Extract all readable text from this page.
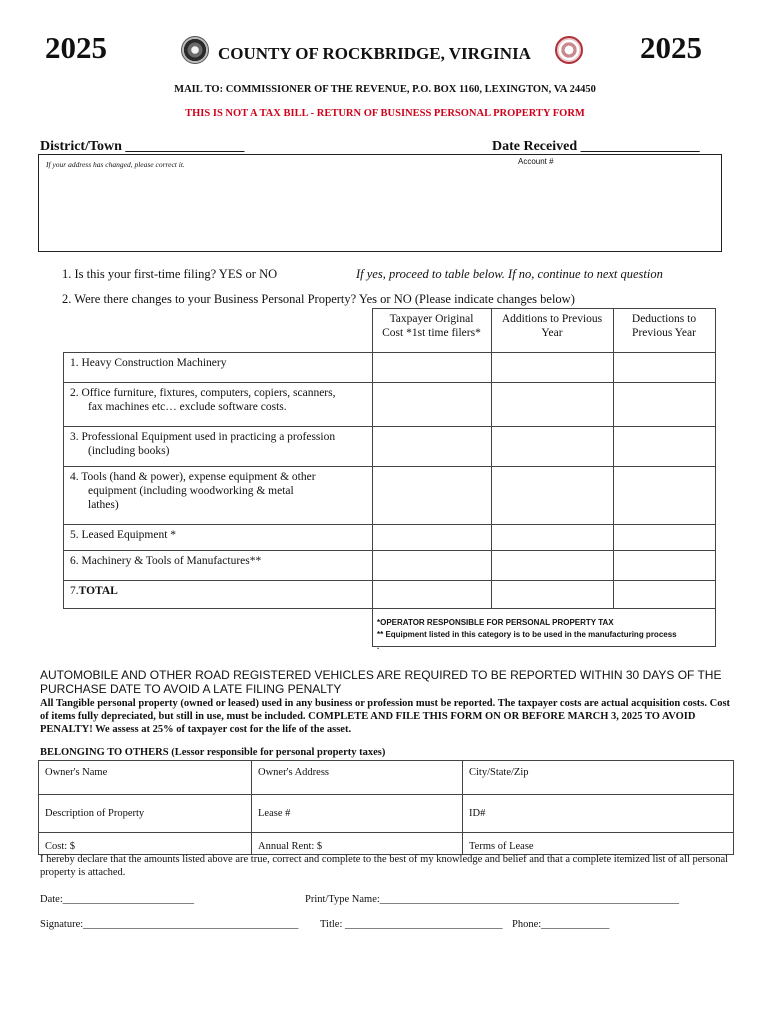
2025	2025
COUNTY OF ROCKBRIDGE, VIRGINIA
MAIL TO: COMMISSIONER OF THE REVENUE, P.O. BOX 1160, LEXINGTON, VA 24450
THIS IS NOT A TAX BILL - RETURN OF BUSINESS PERSONAL PROPERTY FORM
District/Town _________________	Date Received _________________
If your address has changed, please correct it.	Account #
1. Is this your first-time filing? YES or NO	If yes, proceed to table below. If no, continue to next question
2. Were there changes to your Business Personal Property? Yes or NO (Please indicate changes below)
	Taxpayer Original Cost *1st time filers*	Additions to Previous Year	Deductions to Previous Year
1. Heavy Construction Machinery			
2. Office furniture, fixtures, computers, copiers, scanners,
fax machines etc… exclude software costs.			

3. Professional Equipment used in practicing a profession
(including books)			

4. Tools (hand & power), expense equipment & other
equipment (including woodworking & metal
lathes)			

5. Leased Equipment *			
6. Machinery & Tools of Manufactures**			
7.TOTAL			

*OPERATOR RESPONSIBLE FOR PERSONAL PROPERTY TAX
** Equipment listed in this category is to be used in the manufacturing process
.
AUTOMOBILE AND OTHER ROAD REGISTERED VEHICLES ARE REQUIRED TO BE REPORTED WITHIN 30 DAYS OF THE PURCHASE DATE TO AVOID A LATE FILING PENALTY
All Tangible personal property (owned or leased) used in any business or profession must be reported. The taxpayer costs are actual acquisition costs. Cost of items fully depreciated, but still in use, must be included. COMPLETE AND FILE THIS FORM ON OR BEFORE MARCH 3, 2025 TO AVOID PENALTY! We assess at 25% of taxpayer cost for the life of the asset.
BELONGING TO OTHERS (Lessor responsible for personal property taxes)
Owner's Name	Owner's Address	City/State/Zip
Description of Property	Lease #	ID#
Cost: $	Annual Rent: $	Terms of Lease
I hereby declare that the amounts listed above are true, correct and complete to the best of my knowledge and belief and that a complete itemized list of all personal property is attached.
Date:_________________________	Print/Type Name:_________________________________________________________
Signature:_________________________________________ Title: ______________________________ Phone:_____________
